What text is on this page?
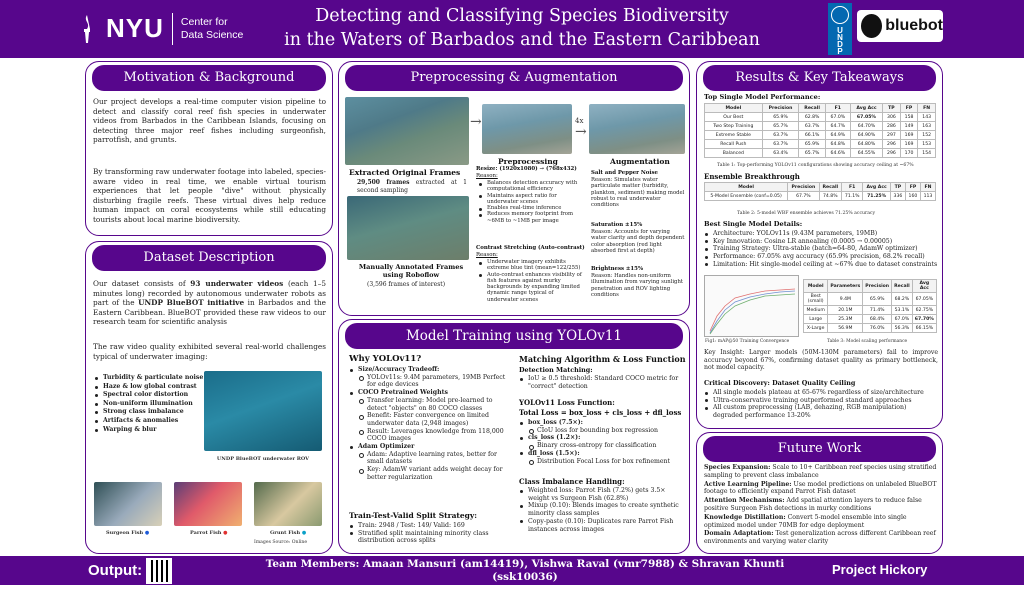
NYU Center for
Data Science
Detecting and Classifying Species Biodiversity
in the Waters of Barbados and the Eastern Caribbean	U
N
D
P
bluebot
Motivation & Background
Our project develops a real-time computer vision pipeline to detect and classify coral reef fish species in underwater videos from Barbados in the Caribbean Islands, focusing on detecting three major reef fishes including surgeonfish, parrotfish, and grunts.
By transforming raw underwater footage into labeled, species-aware video in real time, we enable virtual tourism experiences that let people "dive" without physically disturbing fragile reefs. These virtual dives help reduce human impact on coral ecosystems while still educating tourists about local marine biodiversity.
Dataset Description
Our dataset consists of 93 underwater videos (each 1–5 minutes long) recorded by autonomous underwater robots as part of the UNDP BlueBOT initiative in Barbados and the Eastern Caribbean. BlueBOT provided these raw videos to our research team for scientific analysis
The raw video quality exhibited several real-world challenges typical of underwater imaging:
Turbidity & particulate noise
Haze & low global contrast
Spectral color distortion
Non-uniform illumination
Strong class imbalance
Artifacts & anomalies
Warping & blur
UNDP BlueBOT underwater ROV
Surgeon Fish ●	Parrot Fish ●	Grunt Fish ●
Images Source: Online
Preprocessing & Augmentation
Extracted Original Frames
29,500 frames extracted at 1 second sampling
→
Preprocessing
4x
→
Augmentation
Manually Annotated Frames using Roboflow
(3,596 frames of interest)
Resize: (1920x1080) → (768x432)
Reason:
Balances detection accuracy with computational efficiency
Maintains aspect ratio for underwater scenes
Enables real-time inference
Reduces memory footprint from ~6MB to ~1MB per image
Contrast Stretching (Auto-contrast)
Reason:
Underwater imagery exhibits extreme blue tint (mean=122/255)
Auto-contrast enhances visibility of fish features against murky backgrounds by expanding limited dynamic range typical of underwater scenes
Salt and Pepper Noise
Reason: Simulates water particulate matter (turbidity, plankton, sediment) making model robust to real underwater conditions
Saturation ±15%
Reason: Accounts for varying water clarity and depth dependent color absorption (red light absorbed first at depth)
Brightness ±15%
Reason: Handles non-uniform illumination from varying sunlight penetration and ROV lighting conditions
Model Training using YOLOv11
Why YOLOv11?
Size/Accuracy Tradeoff:
YOLOv11s: 9.4M parameters, 19MB Perfect for edge devices
COCO Pretrained Weights
Transfer learning: Model pre-learned to detect "objects" on 80 COCO classes
Benefit: Faster convergence on limited underwater data (2,948 images)
Result: Leverages knowledge from 118,000 COCO images
Adam Optimizer
Adam: Adaptive learning rates, better for small datasets
Key: AdamW variant adds weight decay for better regularization
Train-Test-Valid Split Strategy:
Train: 2948 / Test: 149/ Valid: 169
Stratified split maintaining minority class distribution across splits
Matching Algorithm & Loss Function
Detection Matching:
IoU ≥ 0.5 threshold: Standard COCO metric for "correct" detection
YOLOv11 Loss Function:
Total Loss = box_loss + cls_loss + dfl_loss
box_loss (7.5×):
CIoU loss for bounding box regression
cls_loss (1.2×):
Binary cross-entropy for classification
dfl_loss (1.5×):
Distribution Focal Loss for box refinement
Class Imbalance Handling:
Weighted loss: Parrot Fish (7.2%) gets 3.5× weight vs Surgeon Fish (62.8%)
Mixup (0.10): Blends images to create synthetic minority class samples
Copy-paste (0.10): Duplicates rare Parrot Fish instances across images
Results & Key Takeaways
Top Single Model Performance:
Model	Precision	Recall	F1	Avg Acc	TP	FP	FN
Our Best	65.9%	62.8%	67.0%	67.05%	306	158	143
Two Step Training	65.7%	63.7%	64.7%	64.70%	286	149	163
Extreme Stable	63.7%	66.1%	64.9%	64.90%	297	169	152
Recall Push	63.7%	65.9%	64.8%	64.80%	296	169	153
Balanced	63.4%	65.7%	64.6%	64.55%	296	170	154
Table 1: Top-performing YOLOv11 configurations showing accuracy ceiling at ~67%
Ensemble Breakthrough
Model	Precision	Recall	F1	Avg Acc	TP	FP	FN
5-Model Ensemble (conf=0.05)	67.7%	74.8%	71.1%	71.25%	336	160	113
Table 2: 5-model WBF ensemble achieves 71.25% accuracy
Best Single Model Details:
Architecture: YOLOv11s (9.43M parameters, 19MB)
Key Innovation: Cosine LR annealing (0.0005 → 0.00005)
Training Strategy: Ultra-stable (batch=64-80, AdamW optimizer)
Performance: 67.05% avg accuracy (65.9% precision, 68.2% recall)
Limitation: Hit single-model ceiling at ~67% due to dataset constraints
Fig1: mAP@50 Training Convergence
Model	Parameters	Precision	Recall	Avg Acc
Best (small)	9.4M	65.9%	68.2%	67.05%
Medium	20.1M	71.4%	53.1%	62.75%
Large	25.3M	68.4%	67.0%	67.70%
X-Large	56.9M	76.0%	56.3%	66.15%
Table 3: Model scaling performance
Key Insight: Larger models (50M-130M parameters) fail to improve accuracy beyond 67%, confirming dataset quality as primary bottleneck, not model capacity.
Critical Discovery: Dataset Quality Ceiling
All single models plateau at 65-67% regardless of size/architecture
Ultra-conservative training outperformed standard approaches
All custom preprocessing (LAB, dehazing, RGB manipulation) degraded performance 13-20%
Future Work
Species Expansion: Scale to 10+ Caribbean reef species using stratified sampling to prevent class imbalance
Active Learning Pipeline: Use model predictions on unlabeled BlueBOT footage to efficiently expand Parrot Fish dataset
Attention Mechanisms: Add spatial attention layers to reduce false positive Surgeon Fish detections in murky conditions
Knowledge Distillation: Convert 5-model ensemble into single optimized model under 70MB for edge deployment
Domain Adaptation: Test generalization across different Caribbean reef environments and varying water clarity
Output:	Team Members: Amaan Mansuri (am14419), Vishwa Raval (vmr7988) & Shravan Khunti (ssk10036)
Mentors: Antonio Hollingsworth, Jordanna Tennebaum & Veronica Millington
Project Hickory
